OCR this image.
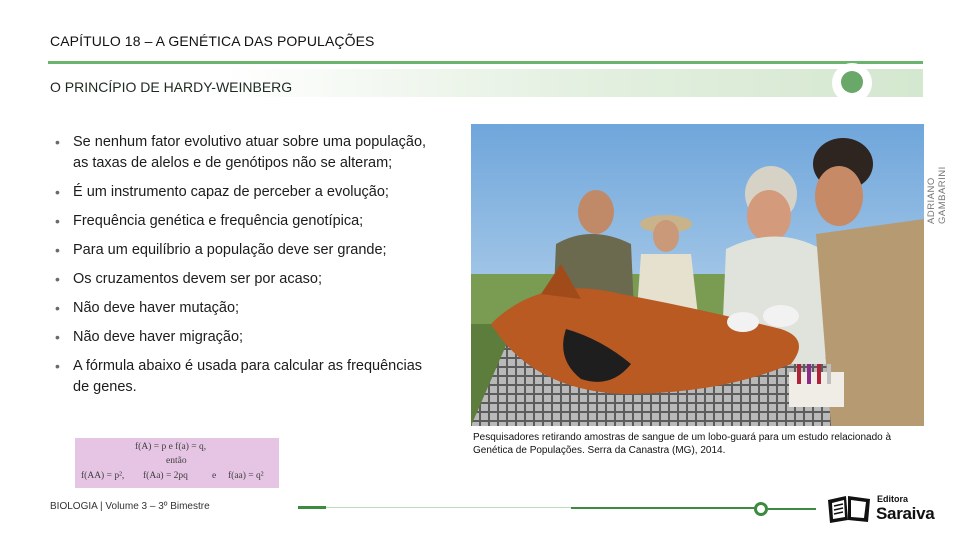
CAPÍTULO 18 – A GENÉTICA DAS POPULAÇÕES
O PRINCÍPIO DE HARDY-WEINBERG
• Se nenhum fator evolutivo atuar sobre uma população, as taxas de alelos e de genótipos não se alteram;
• É um instrumento capaz de perceber a evolução;
• Frequência genética e frequência genotípica;
• Para um equilíbrio a população deve ser grande;
• Os cruzamentos devem ser por acaso;
• Não deve haver mutação;
• Não deve haver migração;
• A fórmula abaixo é usada para calcular as frequências de genes.
f(A) = p e f(a) = q,
então
f(AA) = p², f(Aa) = 2pq	e f(aa) = q²
ADRIANO GAMBARINI
Pesquisadores retirando amostras de sangue de um lobo-guará para um estudo relacionado à Genética de Populações. Serra da Canastra (MG), 2014.
BIOLOGIA | Volume 3 – 3º Bimestre
Editora
Saraiva
